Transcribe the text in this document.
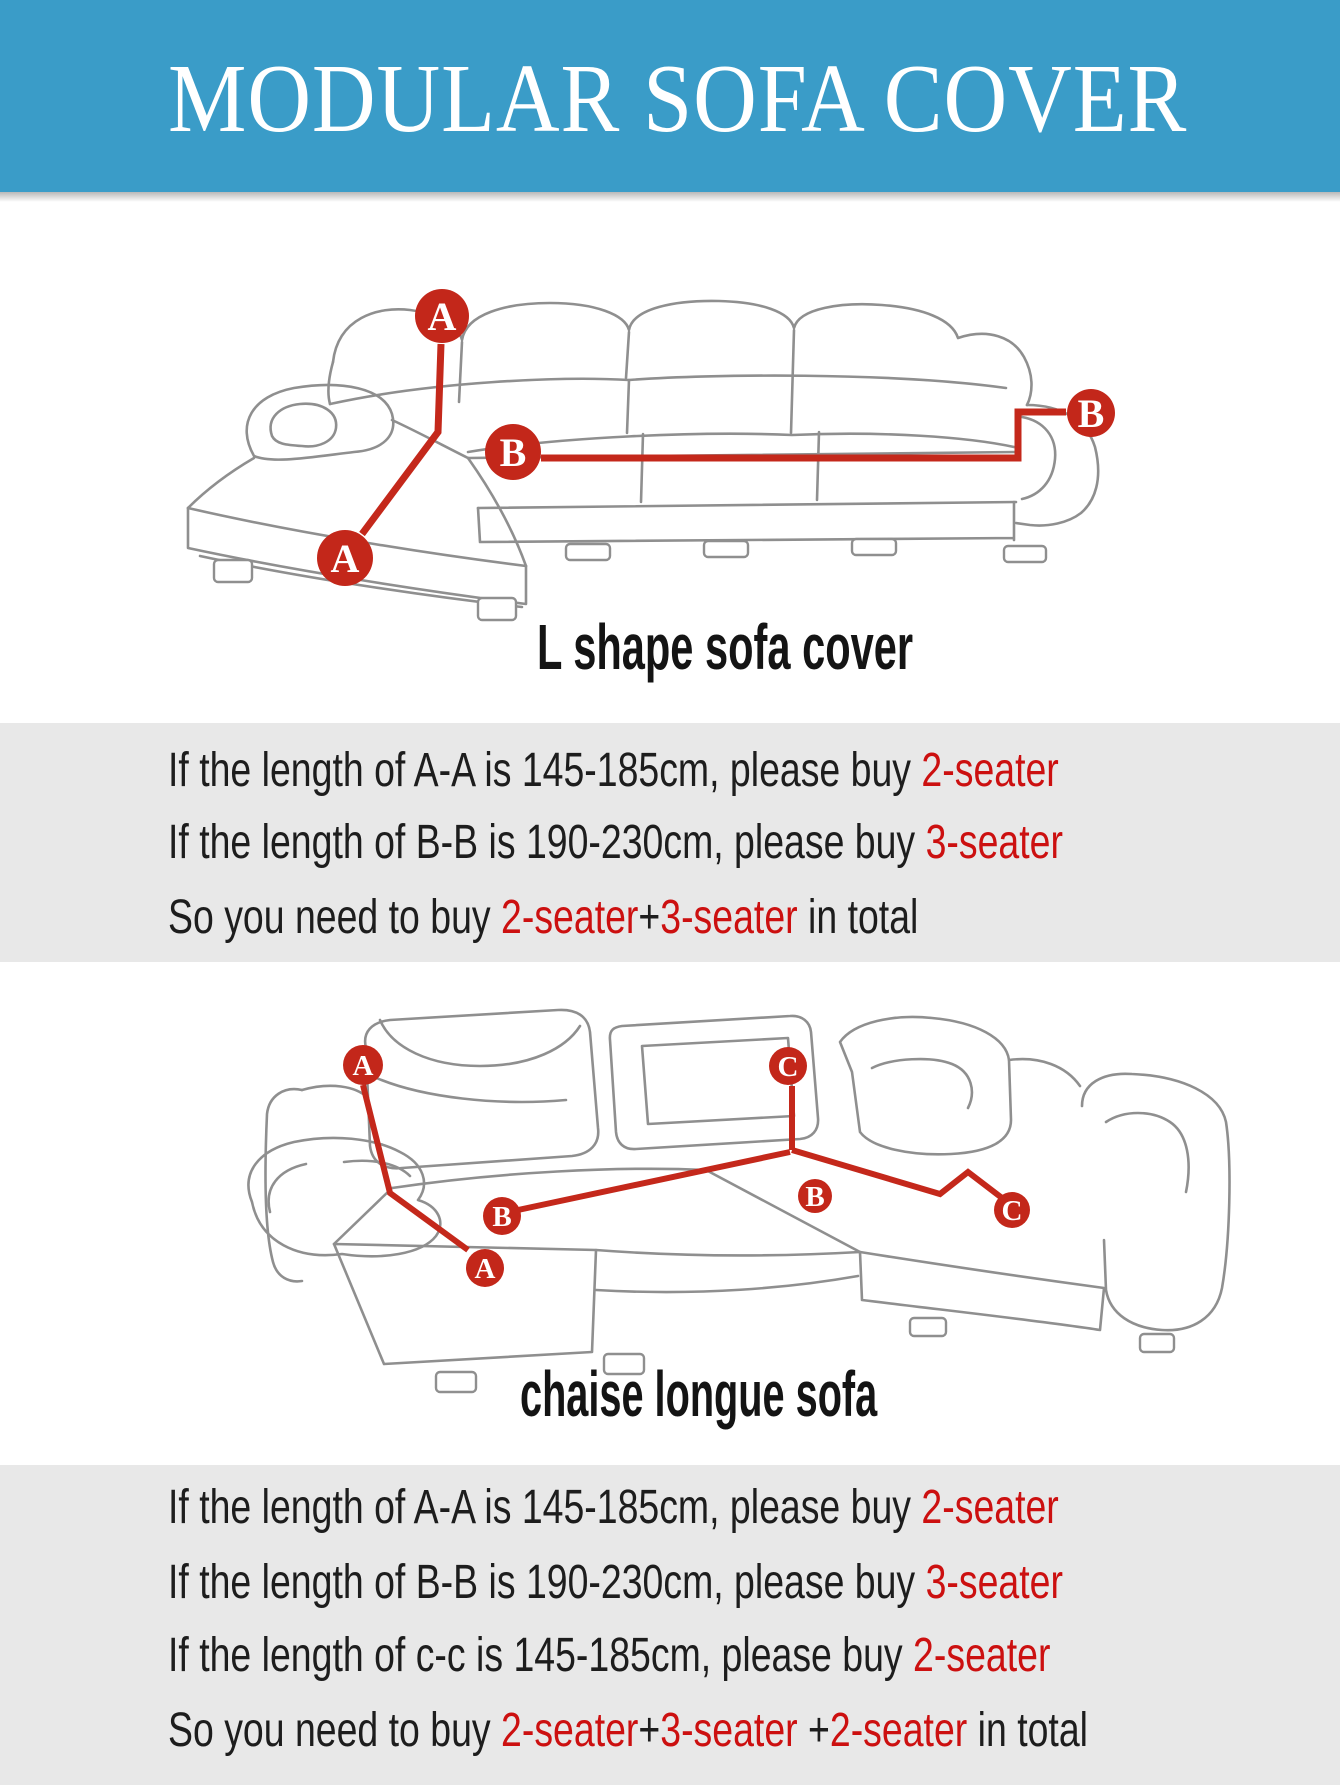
MODULAR SOFA COVER
A
A
B
B
A
A
B
B
C
C
L shape sofa cover
chaise longue sofa
If the length of A-A is 145-185cm, please buy 2-seater
If the length of B-B is 190-230cm, please buy 3-seater
So you need to buy 2-seater+3-seater in total
If the length of A-A is 145-185cm, please buy 2-seater
If the length of B-B is 190-230cm, please buy 3-seater
If the length of c-c is 145-185cm, please buy 2-seater
So you need to buy 2-seater+3-seater +2-seater in total
